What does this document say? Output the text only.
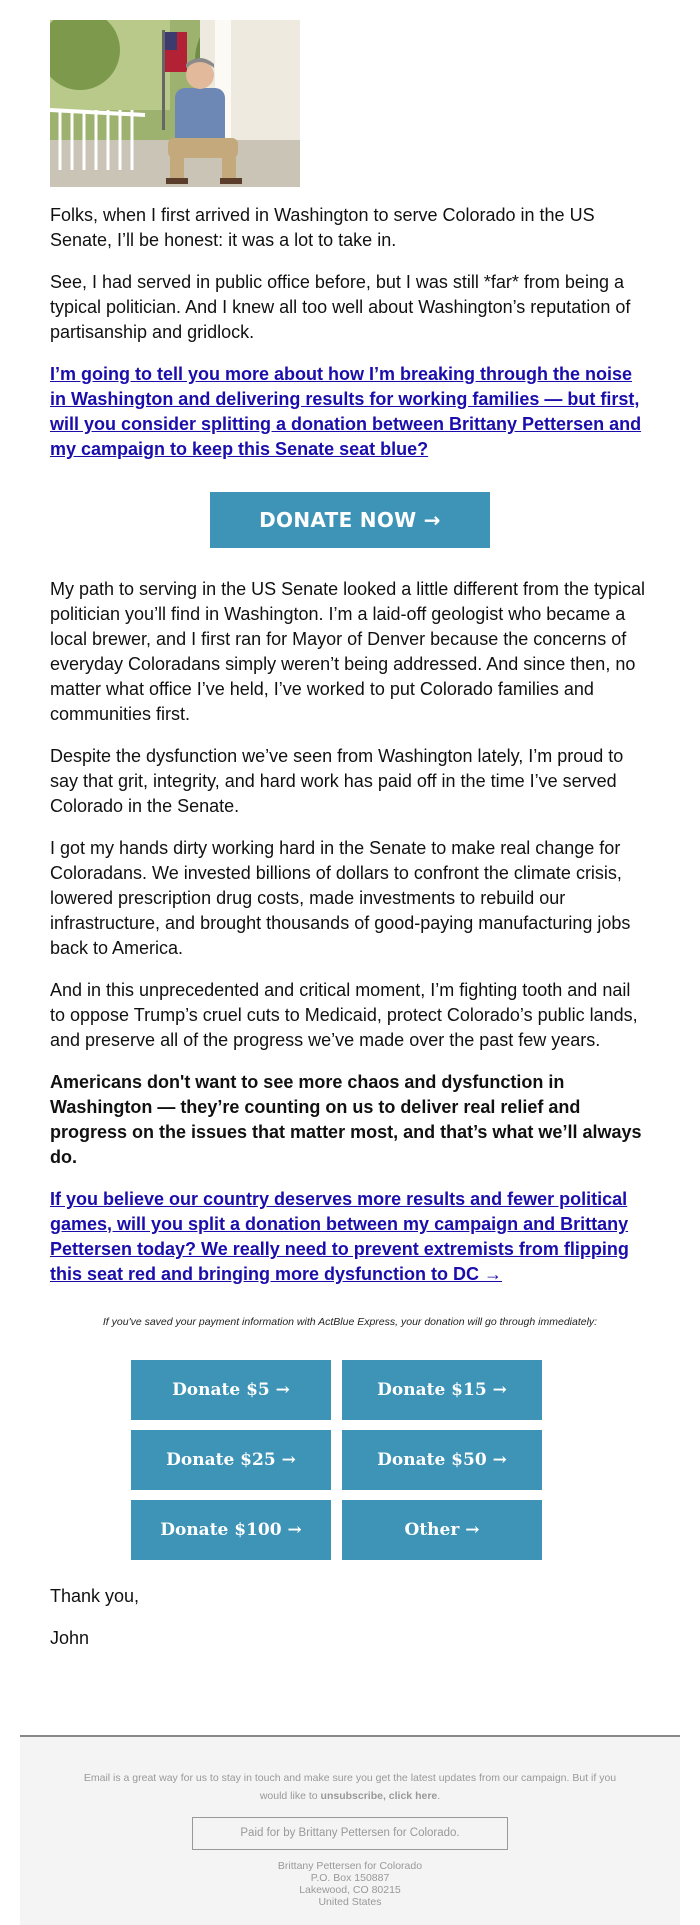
Folks, when I first arrived in Washington to serve Colorado in the US Senate, I’ll be honest: it was a lot to take in.

See, I had served in public office before, but I was still *far* from being a typical politician. And I knew all too well about Washington’s reputation of partisanship and gridlock.

I’m going to tell you more about how I’m breaking through the noise in Washington and delivering results for working families — but first, will you consider splitting a donation between Brittany Pettersen and my campaign to keep this Senate seat blue?
DONATE NOW →

My path to serving in the US Senate looked a little different from the typical politician you’ll find in Washington. I’m a laid-off geologist who became a local brewer, and I first ran for Mayor of Denver because the concerns of everyday Coloradans simply weren’t being addressed. And since then, no matter what office I’ve held, I’ve worked to put Colorado families and communities first.

Despite the dysfunction we’ve seen from Washington lately, I’m proud to say that grit, integrity, and hard work has paid off in the time I’ve served Colorado in the Senate.

I got my hands dirty working hard in the Senate to make real change for Coloradans. We invested billions of dollars to confront the climate crisis, lowered prescription drug costs, made investments to rebuild our infrastructure, and brought thousands of good-paying manufacturing jobs back to America.

And in this unprecedented and critical moment, I’m fighting tooth and nail to oppose Trump’s cruel cuts to Medicaid, protect Colorado’s public lands, and preserve all of the progress we’ve made over the past few years.

Americans don't want to see more chaos and dysfunction in Washington — they’re counting on us to deliver real relief and progress on the issues that matter most, and that’s what we’ll always do.

If you believe our country deserves more results and fewer political games, will you split a donation between my campaign and Brittany Pettersen today? We really need to prevent extremists from flipping this seat red and bringing more dysfunction to DC →

If you've saved your payment information with ActBlue Express, your donation will go through immediately:

Donate $5 →	Donate $15 →
Donate $25 →	Donate $50 →
Donate $100 →	Other →

Thank you,

John

Email is a great way for us to stay in touch and make sure you get the latest updates from our campaign. But if you would like to unsubscribe, click here.
Paid for by Brittany Pettersen for Colorado.
Brittany Pettersen for Colorado
P.O. Box 150887
Lakewood, CO 80215
United States
